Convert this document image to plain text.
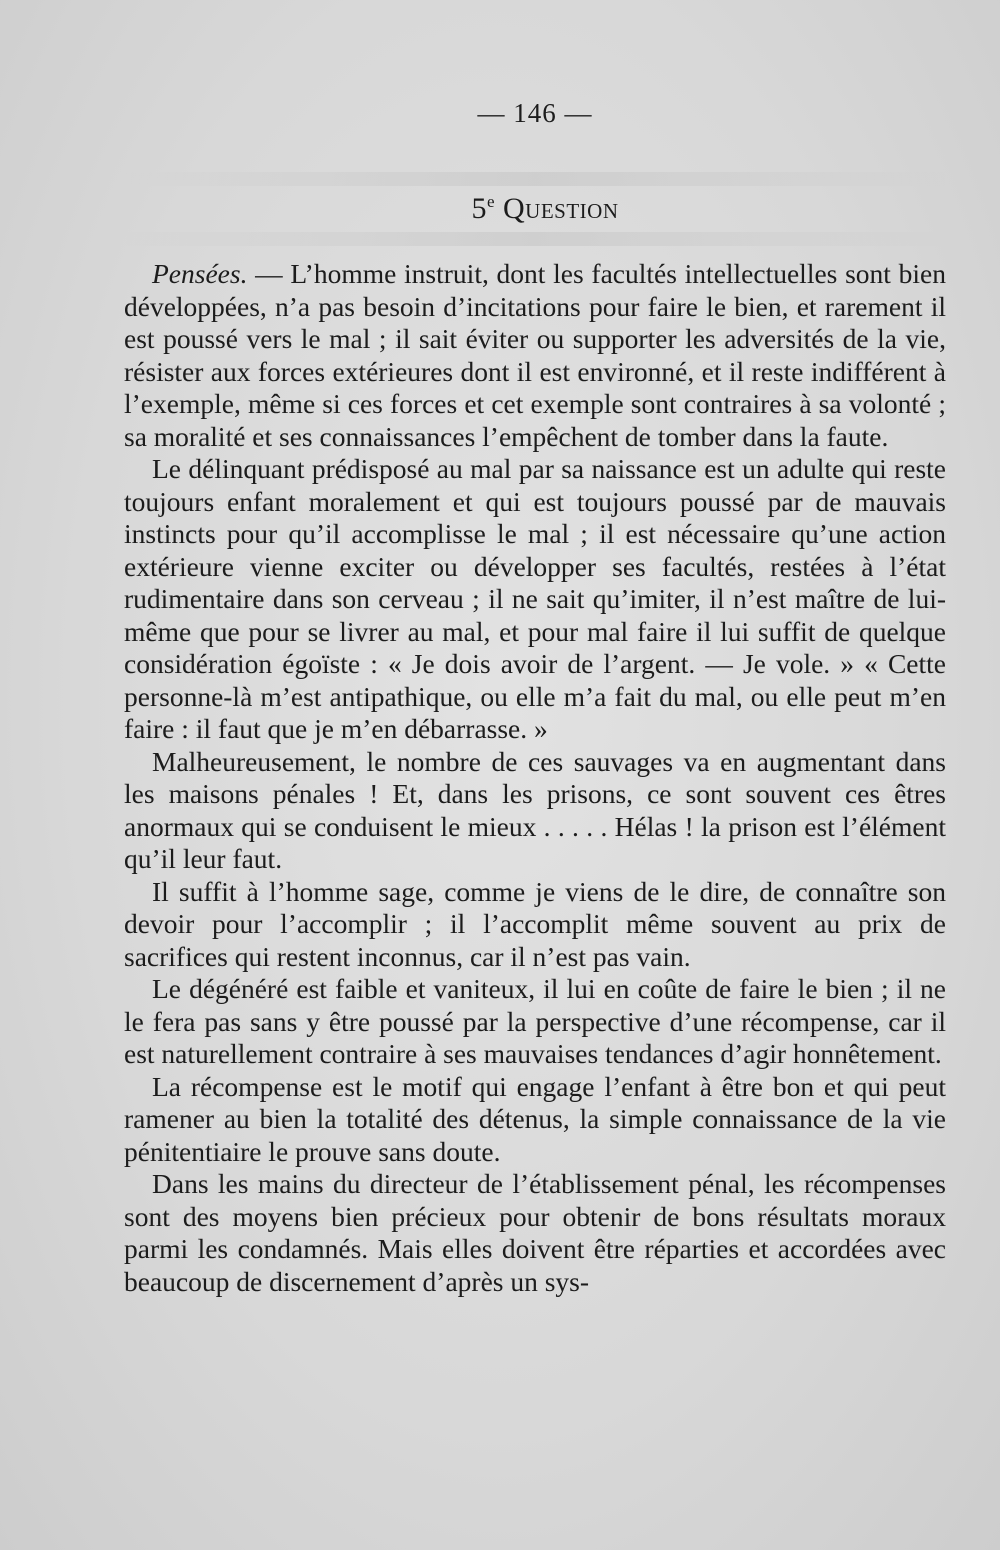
— 146 —
5e Question

Pensées. — L’homme instruit, dont les facultés intellectuelles sont bien développées, n’a pas besoin d’incitations pour faire le bien, et rarement il est poussé vers le mal ; il sait éviter ou supporter les adversités de la vie, résister aux forces extérieures dont il est environné, et il reste indifférent à l’exemple, même si ces forces et cet exemple sont contraires à sa volonté ; sa moralité et ses connaissances l’empêchent de tomber dans la faute.

Le délinquant prédisposé au mal par sa naissance est un adulte qui reste toujours enfant moralement et qui est toujours poussé par de mauvais instincts pour qu’il accomplisse le mal ; il est nécessaire qu’une action extérieure vienne exciter ou développer ses facultés, restées à l’état rudimentaire dans son cerveau ; il ne sait qu’imiter, il n’est maître de lui-même que pour se livrer au mal, et pour mal faire il lui suffit de quelque considération égoïste : « Je dois avoir de l’argent. — Je vole. » « Cette personne-là m’est antipathique, ou elle m’a fait du mal, ou elle peut m’en faire : il faut que je m’en débarrasse. »

Malheureusement, le nombre de ces sauvages va en augmentant dans les maisons pénales ! Et, dans les prisons, ce sont souvent ces êtres anormaux qui se conduisent le mieux . . . . . Hélas ! la prison est l’élément qu’il leur faut.

Il suffit à l’homme sage, comme je viens de le dire, de connaître son devoir pour l’accomplir ; il l’accomplit même souvent au prix de sacrifices qui restent inconnus, car il n’est pas vain.

Le dégénéré est faible et vaniteux, il lui en coûte de faire le bien ; il ne le fera pas sans y être poussé par la perspective d’une récompense, car il est naturellement contraire à ses mauvaises tendances d’agir honnêtement.

La récompense est le motif qui engage l’enfant à être bon et qui peut ramener au bien la totalité des détenus, la simple connaissance de la vie pénitentiaire le prouve sans doute.

Dans les mains du directeur de l’établissement pénal, les récompenses sont des moyens bien précieux pour obtenir de bons résultats moraux parmi les condamnés. Mais elles doivent être réparties et accordées avec beaucoup de discernement d’après un sys-
